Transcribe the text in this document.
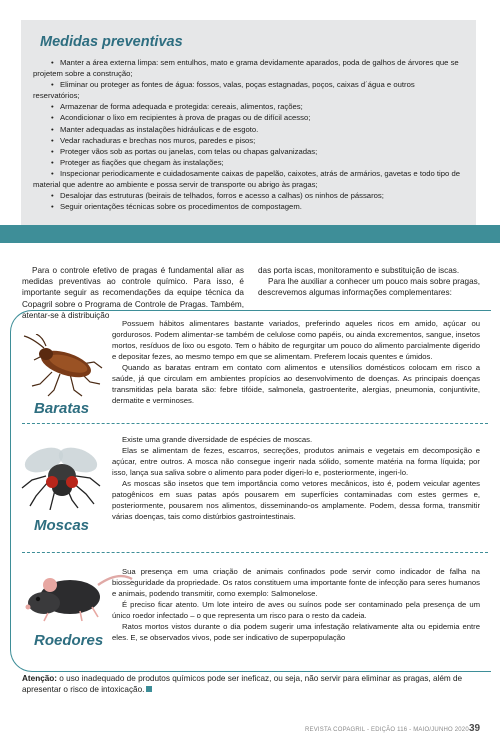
Medidas preventivas
• Manter a área externa limpa: sem entulhos, mato e grama devidamente aparados, poda de galhos de árvores que se projetem sobre a construção;
• Eliminar ou proteger as fontes de água: fossos, valas, poças estagnadas, poços, caixas d´água e outros reservatórios;
• Armazenar de forma adequada e protegida: cereais, alimentos, rações;
• Acondicionar o lixo em recipientes à prova de pragas ou de difícil acesso;
• Manter adequadas as instalações hidráulicas e de esgoto.
• Vedar rachaduras e brechas nos muros, paredes e pisos;
• Proteger vãos sob as portas ou janelas, com telas ou chapas galvanizadas;
• Proteger as fiações que chegam às instalações;
• Inspecionar periodicamente e cuidadosamente caixas de papelão, caixotes, atrás de armários, gavetas e todo tipo de material que adentre ao ambiente e possa servir de transporte ou abrigo às pragas;
• Desalojar das estruturas (beirais de telhados, forros e acesso a calhas) os ninhos de pássaros;
• Seguir orientações técnicas sobre os procedimentos de compostagem.

Para o controle efetivo de pragas é fundamental aliar as medidas preventivas ao controle químico. Para isso, é importante seguir as recomendações da equipe técnica da Copagril sobre o Programa de Controle de Pragas. Também, atentar-se à distribuição

das porta iscas, monitoramento e substituição de iscas.

Para lhe auxiliar a conhecer um pouco mais sobre pragas, descrevemos algumas informações complementares:

Baratas

Possuem hábitos alimentares bastante variados, preferindo aqueles ricos em amido, açúcar ou gordurosos. Podem alimentar-se também de celulose como papéis, ou ainda excrementos, sangue, insetos mortos, resíduos de lixo ou esgoto. Tem o hábito de regurgitar um pouco do alimento parcialmente digerido e depositar fezes, ao mesmo tempo em que se alimentam. Preferem locais quentes e úmidos.

Quando as baratas entram em contato com alimentos e utensílios domésticos colocam em risco a saúde, já que circulam em ambientes propícios ao desenvolvimento de doenças. As principais doenças transmitidas pela barata são: febre tifóide, salmonela, gastroenterite, alergias, pneumonia, conjuntivite, dermatite e verminoses.

Moscas

Existe uma grande diversidade de espécies de moscas.

Elas se alimentam de fezes, escarros, secreções, produtos animais e vegetais em decomposição e açúcar, entre outros. A mosca não consegue ingerir nada sólido, somente matéria na forma líquida; por isso, lança sua saliva sobre o alimento para poder digeri-lo e, posteriormente, ingeri-lo.

As moscas são insetos que tem importância como vetores mecânicos, isto é, podem veicular agentes patogênicos em suas patas após pousarem em superfícies contaminadas com estes germes e, posteriormente, pousarem nos alimentos, disseminando-os amplamente. Podem, dessa forma, transmitir várias doenças, tais como distúrbios gastrointestinais.

Roedores

Sua presença em uma criação de animais confinados pode servir como indicador de falha na biosseguridade da propriedade. Os ratos constituem uma importante fonte de infecção para seres humanos e animais, podendo transmitir, como exemplo: Salmonelose.

É preciso ficar atento. Um lote inteiro de aves ou suínos pode ser contaminado pela presença de um único roedor infectado – o que representa um risco para o resto da cadeia.

Ratos mortos vistos durante o dia podem sugerir uma infestação relativamente alta ou epidemia entre eles. E, se observados vivos, pode ser indicativo de superpopulação

Atenção: o uso inadequado de produtos químicos pode ser ineficaz, ou seja, não servir para eliminar as pragas, além de apresentar o risco de intoxicação.
REVISTA COPAGRIL - EDIÇÃO 116 - MAIO/JUNHO 2020 39
